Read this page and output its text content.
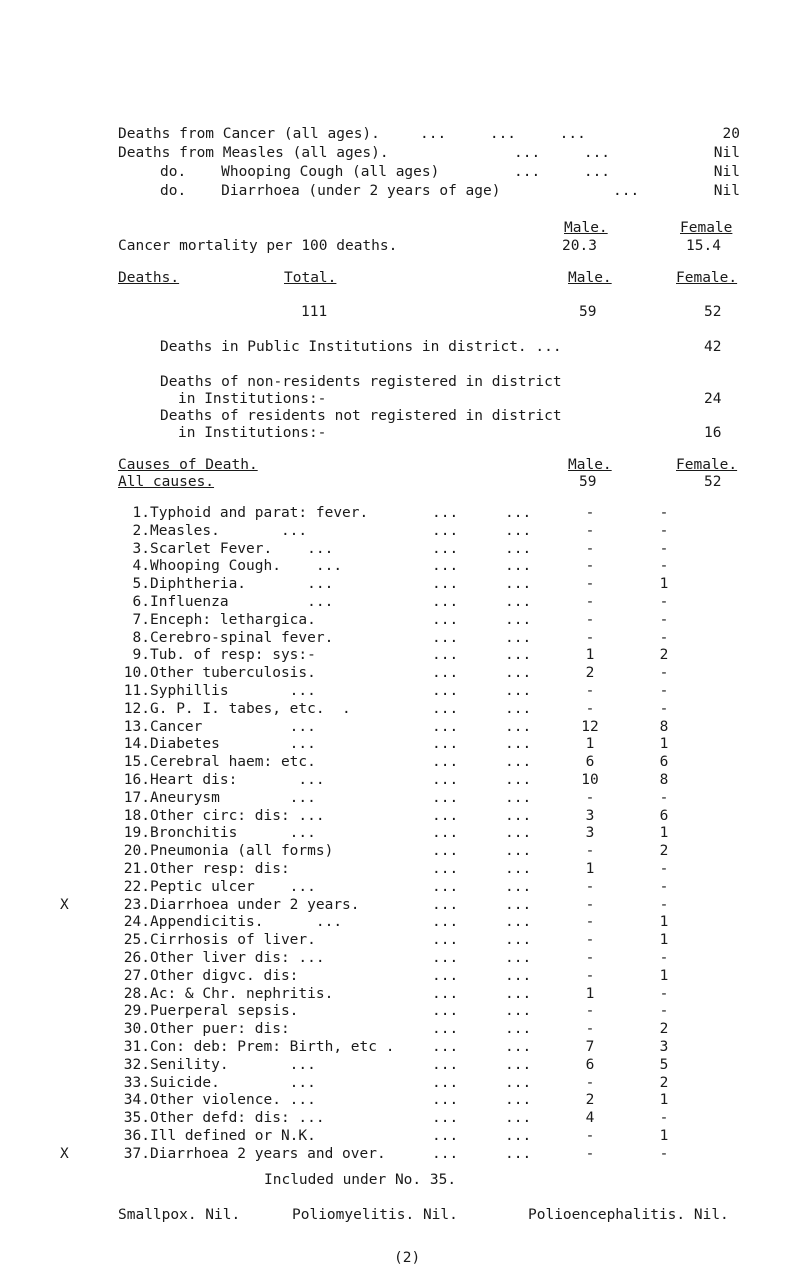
Deaths from Cancer (all ages).	...     ...     ...	20
Deaths from Measles (all ages).	...     ...	Nil
do.    Whooping Cough (all ages)	...     ...	Nil
do.    Diarrhoea (under 2 years of age)	...	Nil
Male.	Female
Cancer mortality per 100 deaths.	20.3	15.4
Deaths.	Total.	Male.	Female.
111	59	52
Deaths in Public Institutions in district. ...	42
Deaths of non-residents registered in district
in Institutions:-	24
Deaths of residents not registered in district
in Institutions:-	16
Causes of Death.
All causes.
Male.	Female.
59	52
1. Typhoid and parat: fever.	...	...	-	-
2. Measles.       ...	...	...	-	-
3. Scarlet Fever.    ...	...	...	-	-
4. Whooping Cough.    ...	...	...	-	-
5. Diphtheria.       ...	...	...	-	1
6. Influenza         ...	...	...	-	-
7. Enceph: lethargica.	...	...	-	-
8. Cerebro-spinal fever.	...	...	-	-
9. Tub. of resp: sys:-	...	...	1	2
10. Other tuberculosis.	...	...	2	-
11. Syphillis       ...	...	...	-	-
12. G. P. I. tabes, etc.  .	...	...	-	-
13. Cancer          ...	...	...	12	8
14. Diabetes        ...	...	...	1	1
15. Cerebral haem: etc.	...	...	6	6
16. Heart dis:       ...	...	...	10	8
17. Aneurysm        ...	...	...	-	-
18. Other circ: dis: ...	...	...	3	6
19. Bronchitis      ...	...	...	3	1
20. Pneumonia (all forms)	...	...	-	2
21. Other resp: dis:	...	...	1	-
22. Peptic ulcer    ...	...	...	-	-
X	23. Diarrhoea under 2 years.	...	...	-	-
24. Appendicitis.      ...	...	...	-	1
25. Cirrhosis of liver.	...	...	-	1
26. Other liver dis: ...	...	...	-	-
27. Other digvc. dis:	...	...	-	1
28. Ac: & Chr. nephritis.	...	...	1	-
29. Puerperal sepsis.	...	...	-	-
30. Other puer: dis:	...	...	-	2
31. Con: deb: Prem: Birth, etc .	...	...	7	3
32. Senility.       ...	...	...	6	5
33. Suicide.        ...	...	...	-	2
34. Other violence. ...	...	...	2	1
35. Other defd: dis: ...	...	...	4	-
36. Ill defined or N.K.	...	...	-	1
X	37. Diarrhoea 2 years and over.	...	...	-	-
Included under No. 35.
Smallpox. Nil.	Poliomyelitis. Nil.	Polioencephalitis. Nil.
(2)
